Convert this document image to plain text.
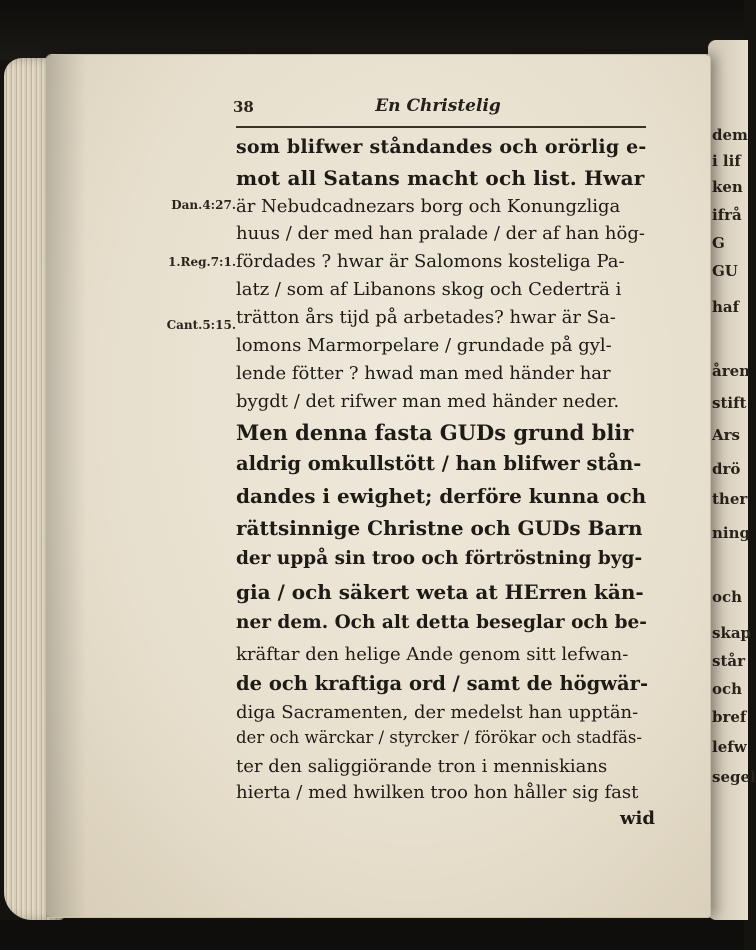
dem
i lif
ken
ifrå
G
GU
haf
åren
stift
Ars
drö
ther
ning
och
skap
står
och
bref
lefw
segel
38	En Christelig
Dan.4:27.
1.Reg.7:1.
Cant.5:15.
som blifwer ståndandes och orörlig e-
mot all Satans macht och list. Hwar
är Nebudcadnezars borg och Konungzliga
huus / der med han pralade / der af han hög-
fördades ? hwar är Salomons kosteliga Pa-
latz / som af Libanons skog och Cederträ i
trätton års tijd på arbetades? hwar är Sa-
lomons Marmorpelare / grundade på gyl-
lende fötter ? hwad man med händer har
bygdt / det rifwer man med händer neder.
Men denna fasta GUDs grund blir
aldrig omkullstött / han blifwer stån-
dandes i ewighet; derföre kunna och
rättsinnige Christne och GUDs Barn
der uppå sin troo och förtröstning byg-
gia / och säkert weta at HErren kän-
ner dem. Och alt detta beseglar och be-
kräftar den helige Ande genom sitt lefwan-
de och kraftiga ord / samt de högwär-
diga Sacramenten, der medelst han upptän-
der och wärckar / styrcker / förökar och stadfäs-
ter den saliggiörande tron i menniskians
hierta / med hwilken troo hon håller sig fast
wid
